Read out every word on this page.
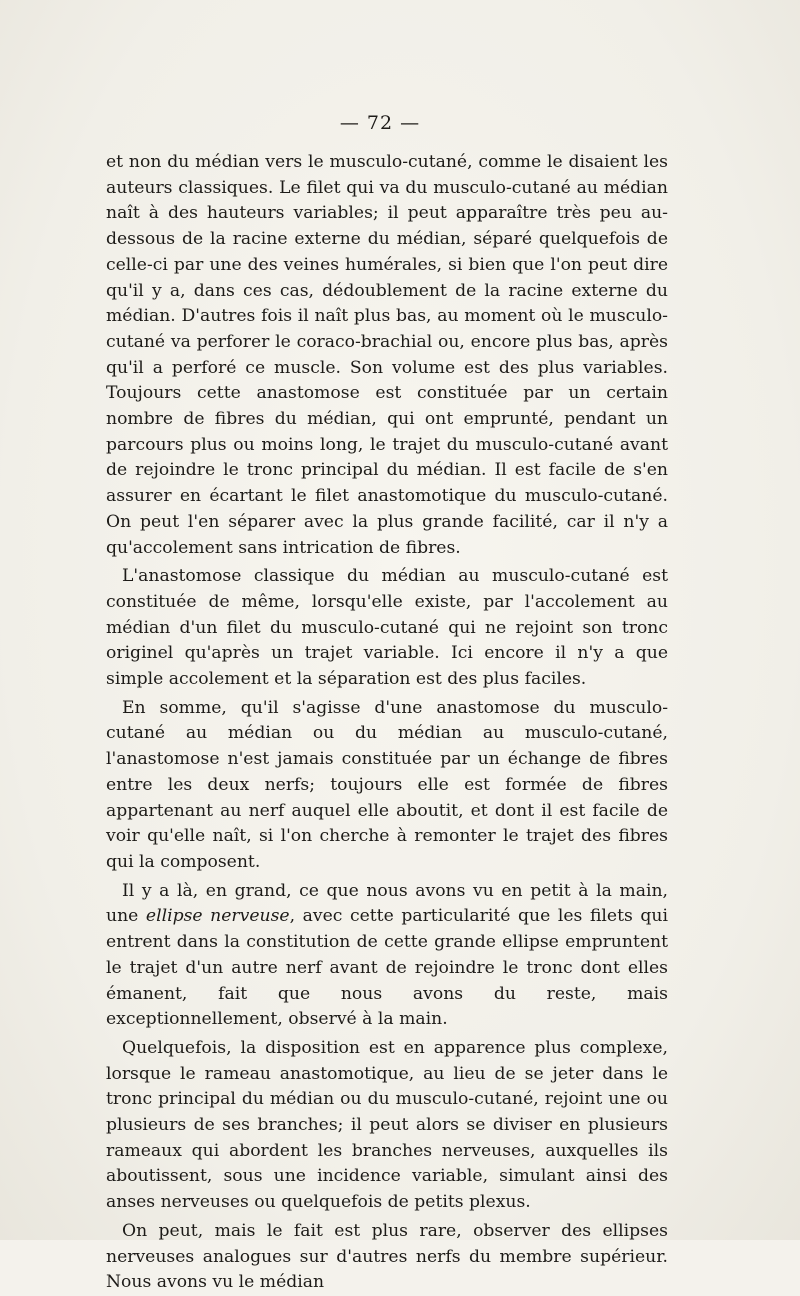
— 72 —

et non du médian vers le musculo-cutané, comme le disaient les auteurs classiques. Le filet qui va du musculo-cutané au médian naît à des hauteurs variables; il peut apparaître très peu au-dessous de la racine externe du médian, séparé quelquefois de celle-ci par une des veines humérales, si bien que l'on peut dire qu'il y a, dans ces cas, dédoublement de la racine externe du médian. D'autres fois il naît plus bas, au moment où le musculo-cutané va perforer le coraco-brachial ou, encore plus bas, après qu'il a perforé ce muscle. Son volume est des plus variables. Toujours cette anastomose est constituée par un certain nombre de fibres du médian, qui ont emprunté, pendant un parcours plus ou moins long, le trajet du musculo-cutané avant de rejoindre le tronc principal du médian. Il est facile de s'en assurer en écartant le filet anastomotique du musculo-cutané. On peut l'en séparer avec la plus grande facilité, car il n'y a qu'accolement sans intrication de fibres.

L'anastomose classique du médian au musculo-cutané est constituée de même, lorsqu'elle existe, par l'accolement au médian d'un filet du musculo-cutané qui ne rejoint son tronc originel qu'après un trajet variable. Ici encore il n'y a que simple accolement et la séparation est des plus faciles.

En somme, qu'il s'agisse d'une anastomose du musculo-cutané au médian ou du médian au musculo-cutané, l'anastomose n'est jamais constituée par un échange de fibres entre les deux nerfs; toujours elle est formée de fibres appartenant au nerf auquel elle aboutit, et dont il est facile de voir qu'elle naît, si l'on cherche à remonter le trajet des fibres qui la composent.

Il y a là, en grand, ce que nous avons vu en petit à la main, une ellipse nerveuse, avec cette particularité que les filets qui entrent dans la constitution de cette grande ellipse empruntent le trajet d'un autre nerf avant de rejoindre le tronc dont elles émanent, fait que nous avons du reste, mais exceptionnellement, observé à la main.

Quelquefois, la disposition est en apparence plus complexe, lorsque le rameau anastomotique, au lieu de se jeter dans le tronc principal du médian ou du musculo-cutané, rejoint une ou plusieurs de ses branches; il peut alors se diviser en plusieurs rameaux qui abordent les branches nerveuses, auxquelles ils aboutissent, sous une incidence variable, simulant ainsi des anses nerveuses ou quelquefois de petits plexus.

On peut, mais le fait est plus rare, observer des ellipses nerveuses analogues sur d'autres nerfs du membre supérieur. Nous avons vu le médian
